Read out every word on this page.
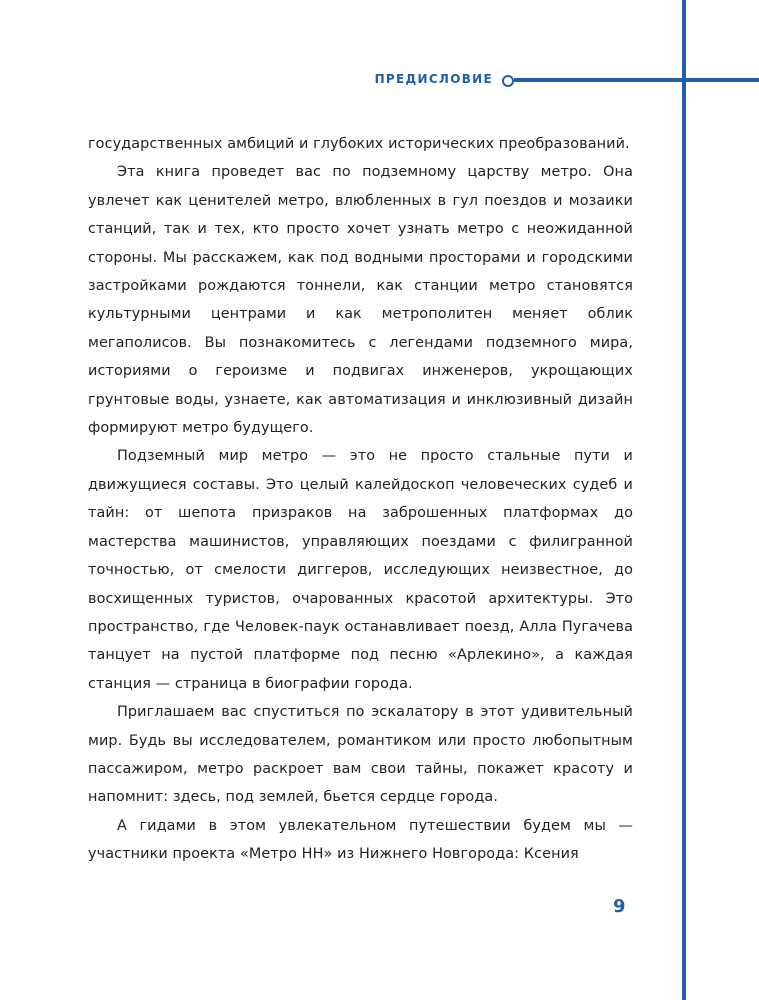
ПРЕДИСЛОВИЕ

государственных амбиций и глубоких исторических преобразований.

Эта книга проведет вас по подземному царству метро. Она увлечет как ценителей метро, влюбленных в гул поездов и мозаики станций, так и тех, кто просто хочет узнать метро с неожиданной стороны. Мы расскажем, как под водными просторами и городскими застройками рождаются тоннели, как станции метро становятся культурными центрами и как метрополитен меняет облик мегаполисов. Вы познакомитесь с легендами подземного мира, историями о героизме и подвигах инженеров, укрощающих грунтовые воды, узнаете, как автоматизация и инклюзивный дизайн формируют метро будущего.

Подземный мир метро — это не просто стальные пути и движущиеся составы. Это целый калейдоскоп человеческих судеб и тайн: от шепота призраков на заброшенных платформах до мастерства машинистов, управляющих поездами с филигранной точностью, от смелости диггеров, исследующих неизвестное, до восхищенных туристов, очарованных красотой архитектуры. Это пространство, где Человек-паук останавливает поезд, Алла Пугачева танцует на пустой платформе под песню «Арлекино», а каждая станция — страница в биографии города.

Приглашаем вас спуститься по эскалатору в этот удивительный мир. Будь вы исследователем, романтиком или просто любопытным пассажиром, метро раскроет вам свои тайны, покажет красоту и напомнит: здесь, под землей, бьется сердце города.

А гидами в этом увлекательном путешествии будем мы — участники проекта «Метро НН» из Нижнего Новгорода: Ксения

9
